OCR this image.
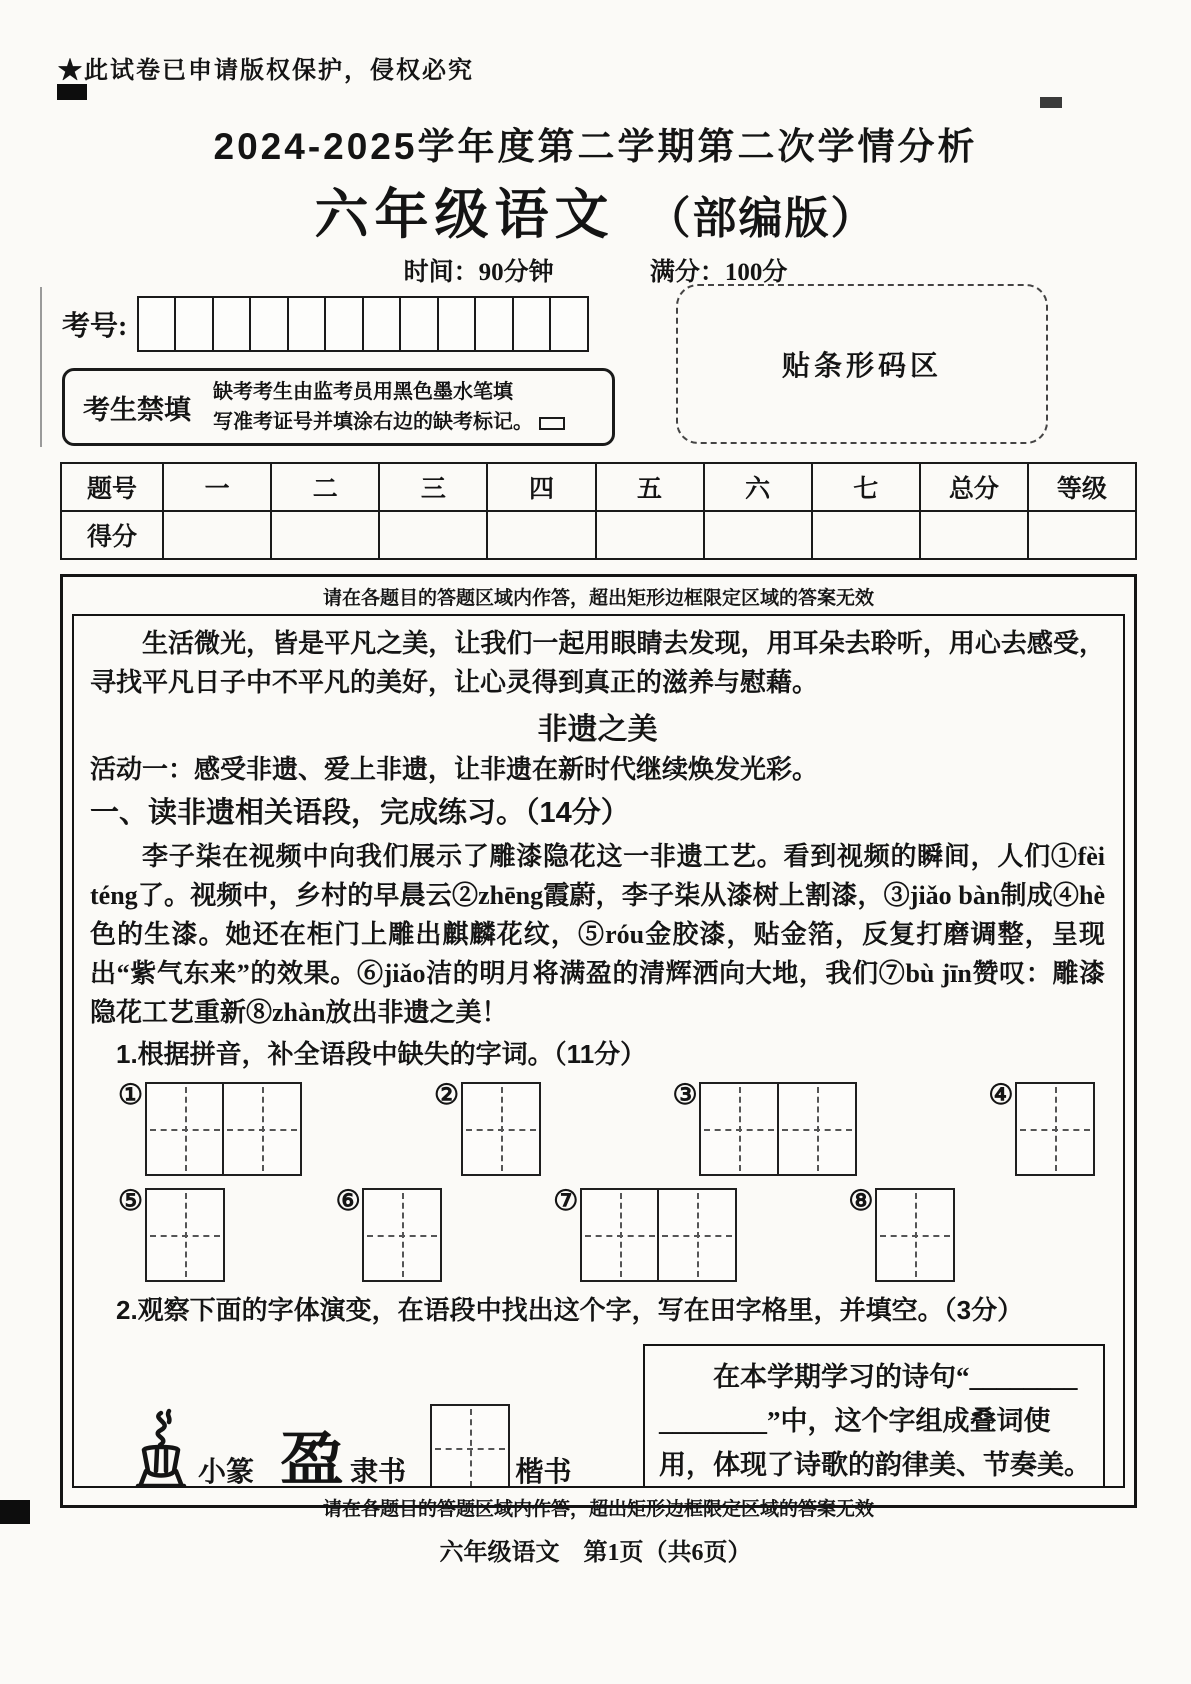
★此试卷已申请版权保护，侵权必究
2024-2025学年度第二学期第二次学情分析
六年级语文 （部编版）
时间：90分钟	满分：100分
考号:
考生禁填
缺考考生由监考员用黑色墨水笔填
写准考证号并填涂右边的缺考标记。
贴条形码区
题号	一	二	三	四	五	六	七	总分	等级
得分									
请在各题目的答题区域内作答，超出矩形边框限定区域的答案无效
生活微光，皆是平凡之美，让我们一起用眼睛去发现，用耳朵去聆听，用心去感受，寻找平凡日子中不平凡的美好，让心灵得到真正的滋养与慰藉。
非遗之美
活动一：感受非遗、爱上非遗，让非遗在新时代继续焕发光彩。
一、读非遗相关语段，完成练习。（14分）
李子柒在视频中向我们展示了雕漆隐花这一非遗工艺。看到视频的瞬间，人们①fèi téng了。视频中，乡村的早晨云②zhēng霞蔚，李子柒从漆树上割漆，③jiǎo bàn制成④hè色的生漆。她还在柜门上雕出麒麟花纹，⑤róu金胶漆，贴金箔，反复打磨调整，呈现出“紫气东来”的效果。⑥jiǎo洁的明月将满盈的清辉洒向大地，我们⑦bù jīn赞叹：雕漆隐花工艺重新⑧zhàn放出非遗之美！
1.根据拼音，补全语段中缺失的字词。（11分）
①	②	③	④
⑤	⑥	⑦	⑧
2.观察下面的字体演变，在语段中找出这个字，写在田字格里，并填空。（3分）
小篆 盈 隶书	楷书
在本学期学习的诗句“________
________”中，这个字组成叠词使
用，体现了诗歌的韵律美、节奏美。
请在各题目的答题区域内作答，超出矩形边框限定区域的答案无效
六年级语文　第1页（共6页）
